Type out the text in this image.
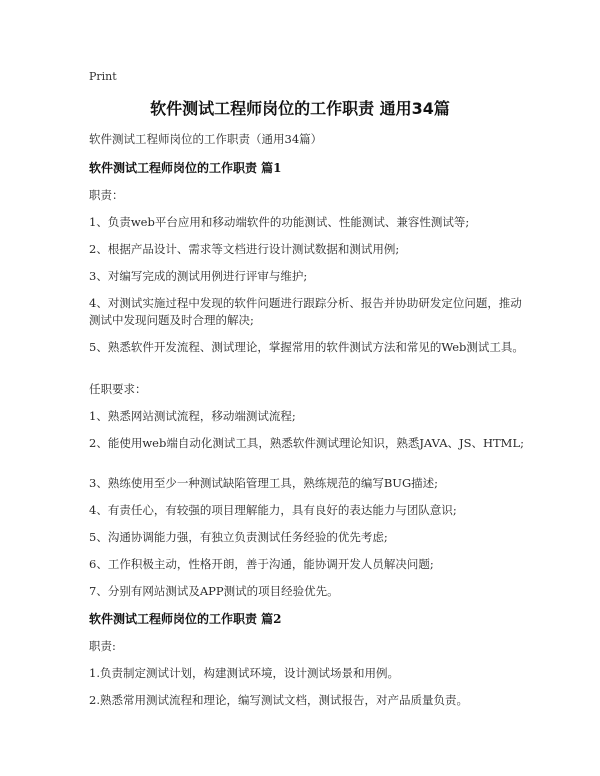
Print
软件测试工程师岗位的工作职责 通用34篇
软件测试工程师岗位的工作职责（通用34篇）
软件测试工程师岗位的工作职责 篇1
职责：
1、负责web平台应用和移动端软件的功能测试、性能测试、兼容性测试等;
2、根据产品设计、需求等文档进行设计测试数据和测试用例;
3、对编写完成的测试用例进行评审与维护;
4、对测试实施过程中发现的软件问题进行跟踪分析、报告并协助研发定位问题，推动测试中发现问题及时合理的解决;
5、熟悉软件开发流程、测试理论，掌握常用的软件测试方法和常见的Web测试工具。
任职要求：
1、熟悉网站测试流程，移动端测试流程;
2、能使用web端自动化测试工具，熟悉软件测试理论知识，熟悉JAVA、JS、HTML;
3、熟练使用至少一种测试缺陷管理工具，熟练规范的编写BUG描述;
4、有责任心，有较强的项目理解能力，具有良好的表达能力与团队意识;
5、沟通协调能力强，有独立负责测试任务经验的优先考虑;
6、工作积极主动，性格开朗，善于沟通，能协调开发人员解决问题;
7、分别有网站测试及APP测试的项目经验优先。
软件测试工程师岗位的工作职责 篇2
职责:
1.负责制定测试计划，构建测试环境，设计测试场景和用例。
2.熟悉常用测试流程和理论，编写测试文档，测试报告，对产品质量负责。
